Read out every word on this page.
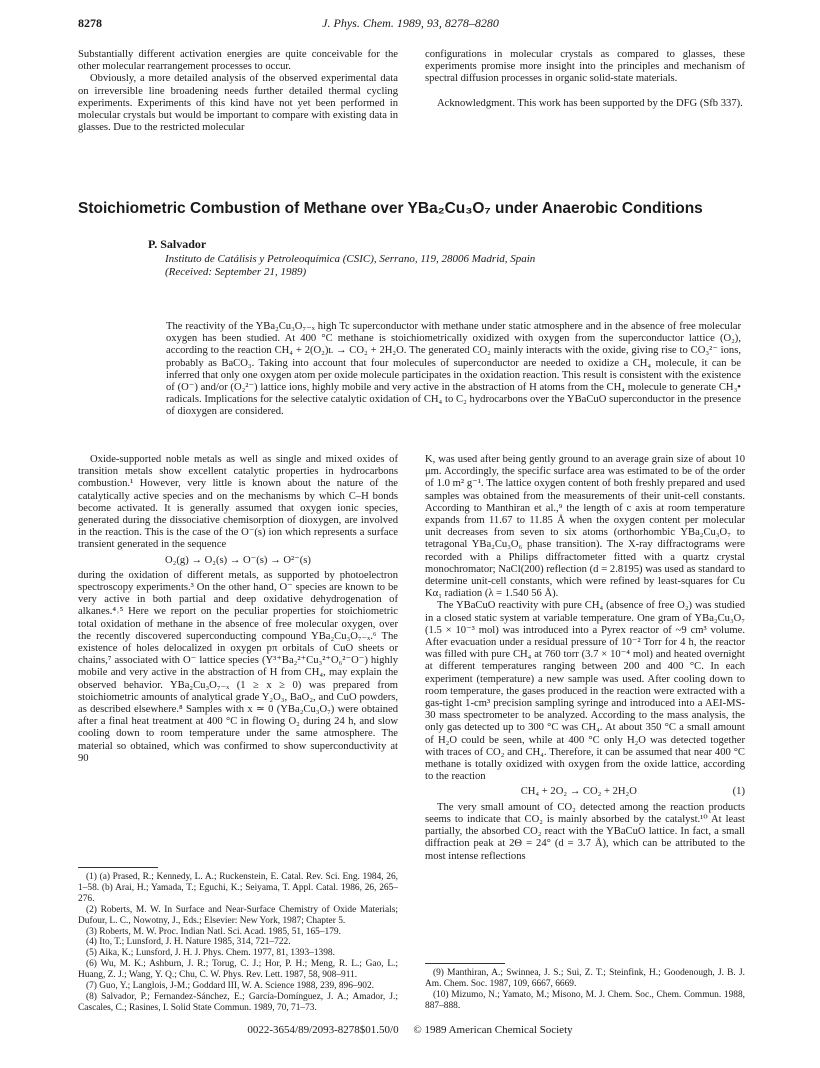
8278	J. Phys. Chem. 1989, 93, 8278–8280

Substantially different activation energies are quite conceivable for the other molecular rearrangement processes to occur.

Obviously, a more detailed analysis of the observed experimental data on irreversible line broadening needs further detailed thermal cycling experiments. Experiments of this kind have not yet been performed in molecular crystals but would be important to compare with existing data in glasses. Due to the restricted molecular

configurations in molecular crystals as compared to glasses, these experiments promise more insight into the principles and mechanism of spectral diffusion processes in organic solid-state materials.

Acknowledgment. This work has been supported by the DFG (Sfb 337).

Stoichiometric Combustion of Methane over YBa₂Cu₃O₇ under Anaerobic Conditions
P. Salvador
Instituto de Catálisis y Petroleoquímica (CSIC), Serrano, 119, 28006 Madrid, Spain
(Received: September 21, 1989)

The reactivity of the YBa₂Cu₃O₇₋ₓ high Tc superconductor with methane under static atmosphere and in the absence of free molecular oxygen has been studied. At 400 °C methane is stoichiometrically oxidized with oxygen from the superconductor lattice (O₂), according to the reaction CH₄ + 2(O₂)ʟ → CO₂ + 2H₂O. The generated CO₂ mainly interacts with the oxide, giving rise to CO₃²⁻ ions, probably as BaCO₃. Taking into account that four molecules of superconductor are needed to oxidize a CH₄ molecule, it can be inferred that only one oxygen atom per oxide molecule participates in the oxidation reaction. This result is consistent with the existence of (O⁻) and/or (O₂²⁻) lattice ions, highly mobile and very active in the abstraction of H atoms from the CH₄ molecule to generate CH₃• radicals. Implications for the selective catalytic oxidation of CH₄ to C₂ hydrocarbons over the YBaCuO superconductor in the presence of dioxygen are considered.

Oxide-supported noble metals as well as single and mixed oxides of transition metals show excellent catalytic properties in hydrocarbons combustion.¹ However, very little is known about the nature of the catalytically active species and on the mechanisms by which C–H bonds become activated. It is generally assumed that oxygen ionic species, generated during the dissociative chemisorption of dioxygen, are involved in the reaction. This is the case of the O⁻(s) ion which represents a surface transient generated in the sequence

O₂(g) → O₂(s) → O⁻(s) → O²⁻(s)

during the oxidation of different metals, as supported by photoelectron spectroscopy experiments.³ On the other hand, O⁻ species are known to be very active in both partial and deep oxidative dehydrogenation of alkanes.⁴˒⁵ Here we report on the peculiar properties for stoichiometric total oxidation of methane in the absence of free molecular oxygen, over the recently discovered superconducting compound YBa₂Cu₃O₇₋ₓ.⁶ The existence of holes delocalized in oxygen pπ orbitals of CuO sheets or chains,⁷ associated with O⁻ lattice species (Y³⁺Ba₂²⁺Cu₃²⁺O₆²⁻O⁻) highly mobile and very active in the abstraction of H from CH₄, may explain the observed behavior. YBa₂Cu₃O₇₋ₓ (1 ≥ x ≥ 0) was prepared from stoichiometric amounts of analytical grade Y₂O₃, BaO₂, and CuO powders, as described elsewhere.⁸ Samples with x ≃ 0 (YBa₂Cu₃O₇) were obtained after a final heat treatment at 400 °C in flowing O₂ during 24 h, and slow cooling down to room temperature under the same atmosphere. The material so obtained, which was confirmed to show superconductivity at 90

K, was used after being gently ground to an average grain size of about 10 μm. Accordingly, the specific surface area was estimated to be of the order of 1.0 m² g⁻¹. The lattice oxygen content of both freshly prepared and used samples was obtained from the measurements of their unit-cell constants. According to Manthiran et al.,⁹ the length of c axis at room temperature expands from 11.67 to 11.85 Å when the oxygen content per molecular unit decreases from seven to six atoms (orthorhombic YBa₂Cu₃O₇ to tetragonal YBa₂Cu₃O₆ phase transition). The X-ray diffractograms were recorded with a Philips diffractometer fitted with a quartz crystal monochromator; NaCl(200) reflection (d = 2.8195) was used as standard to determine unit-cell constants, which were refined by least-squares for Cu Kα₁ radiation (λ = 1.540 56 Å).

The YBaCuO reactivity with pure CH₄ (absence of free O₂) was studied in a closed static system at variable temperature. One gram of YBa₂Cu₃O₇ (1.5 × 10⁻³ mol) was introduced into a Pyrex reactor of ~9 cm³ volume. After evacuation under a residual pressure of 10⁻² Torr for 4 h, the reactor was filled with pure CH₄ at 760 torr (3.7 × 10⁻⁴ mol) and heated overnight at different temperatures ranging between 200 and 400 °C. In each experiment (temperature) a new sample was used. After cooling down to room temperature, the gases produced in the reaction were extracted with a gas-tight 1-cm³ precision sampling syringe and introduced into a AEI-MS-30 mass spectrometer to be analyzed. According to the mass analysis, the only gas detected up to 300 °C was CH₄. At about 350 °C a small amount of H₂O could be seen, while at 400 °C only H₂O was detected together with traces of CO₂ and CH₄. Therefore, it can be assumed that near 400 °C methane is totally oxidized with oxygen from the oxide lattice, according to the reaction

CH₄ + 2O₂ → CO₂ + 2H₂O	(1)

The very small amount of CO₂ detected among the reaction products seems to indicate that CO₂ is mainly absorbed by the catalyst.¹⁰ At least partially, the absorbed CO₂ react with the YBaCuO lattice. In fact, a small diffraction peak at 2Θ = 24° (d = 3.7 Å), which can be attributed to the most intense reflections

(1) (a) Prased, R.; Kennedy, L. A.; Ruckenstein, E. Catal. Rev. Sci. Eng. 1984, 26, 1–58. (b) Arai, H.; Yamada, T.; Eguchi, K.; Seiyama, T. Appl. Catal. 1986, 26, 265–276.

(2) Roberts, M. W. In Surface and Near-Surface Chemistry of Oxide Materials; Dufour, L. C., Nowotny, J., Eds.; Elsevier: New York, 1987; Chapter 5.

(3) Roberts, M. W. Proc. Indian Natl. Sci. Acad. 1985, 51, 165–179.

(4) Ito, T.; Lunsford, J. H. Nature 1985, 314, 721–722.

(5) Aika, K.; Lunsford, J. H. J. Phys. Chem. 1977, 81, 1393–1398.

(6) Wu, M. K.; Ashburn, J. R.; Torug, C. J.; Hor, P. H.; Meng, R. L.; Gao, L.; Huang, Z. J.; Wang, Y. Q.; Chu, C. W. Phys. Rev. Lett. 1987, 58, 908–911.

(7) Guo, Y.; Langlois, J-M.; Goddard III, W. A. Science 1988, 239, 896–902.

(8) Salvador, P.; Fernandez-Sánchez, E.; García-Domínguez, J. A.; Amador, J.; Cascales, C.; Rasines, I. Solid State Commun. 1989, 70, 71–73.

(9) Manthiran, A.; Swinnea, J. S.; Sui, Z. T.; Steinfink, H.; Goodenough, J. B. J. Am. Chem. Soc. 1987, 109, 6667, 6669.

(10) Mizumo, N.; Yamato, M.; Misono, M. J. Chem. Soc., Chem. Commun. 1988, 887–888.

0022-3654/89/2093-8278$01.50/0 © 1989 American Chemical Society
